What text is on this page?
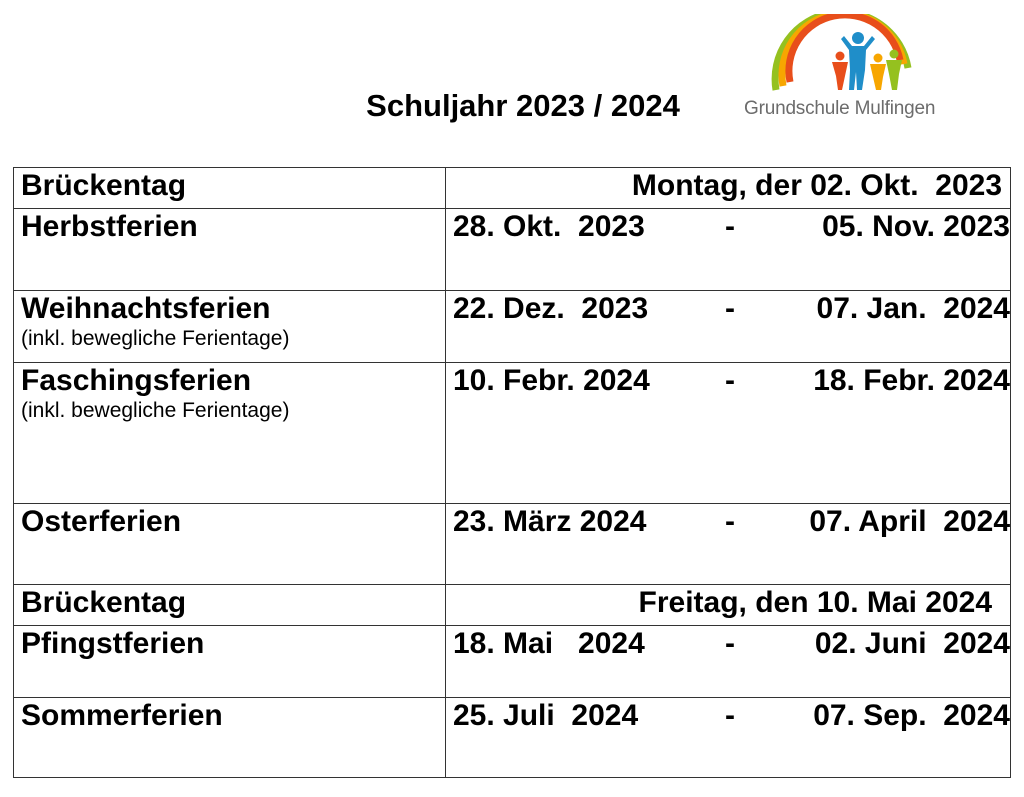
Schuljahr 2023 / 2024	Grundschule Mulfingen
Brückentag	Montag, der 02. Okt.  2023

Herbstferien	28. Okt.  2023 - 05. Nov. 2023

Weihnachtsferien
(inkl. bewegliche Ferientage)	22. Dez.  2023 - 07. Jan.  2024

Faschingsferien
(inkl. bewegliche Ferientage)	10. Febr. 2024 - 18. Febr. 2024

Osterferien	23. März 2024 - 07. April  2024

Brückentag	Freitag, den 10. Mai 2024

Pfingstferien	18. Mai   2024 - 02. Juni  2024

Sommerferien	25. Juli  2024 - 07. Sep.  2024
